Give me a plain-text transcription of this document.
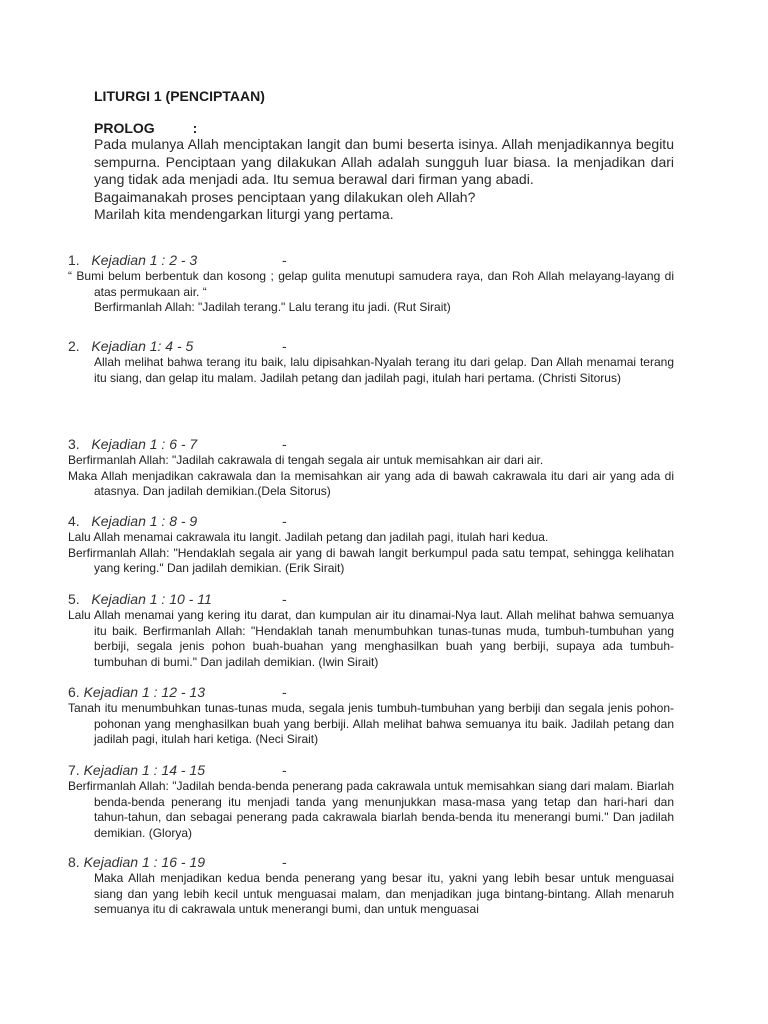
LITURGI 1 (PENCIPTAAN)
PROLOG	:

Pada mulanya Allah menciptakan langit dan bumi beserta isinya. Allah menjadikannya begitu sempurna. Penciptaan yang dilakukan Allah adalah sungguh luar biasa. Ia menjadikan dari yang tidak ada menjadi ada. Itu semua berawal dari firman yang abadi.

Bagaimanakah proses penciptaan yang dilakukan oleh Allah?

Marilah kita mendengarkan liturgi yang pertama.

1. Kejadian 1 : 2 - 3	-

“ Bumi belum berbentuk dan kosong ; gelap gulita menutupi samudera raya, dan Roh Allah melayang-layang di atas permukaan air. “

Berfirmanlah Allah: "Jadilah terang." Lalu terang itu jadi. (Rut Sirait)

2. Kejadian 1: 4 - 5	-

Allah melihat bahwa terang itu baik, lalu dipisahkan-Nyalah terang itu dari gelap. Dan Allah menamai terang itu siang, dan gelap itu malam. Jadilah petang dan jadilah pagi, itulah hari pertama. (Christi Sitorus)

3. Kejadian 1 : 6 - 7	-

Berfirmanlah Allah: "Jadilah cakrawala di tengah segala air untuk memisahkan air dari air.

Maka Allah menjadikan cakrawala dan Ia memisahkan air yang ada di bawah cakrawala itu dari air yang ada di atasnya. Dan jadilah demikian.(Dela Sitorus)

4. Kejadian 1 : 8 - 9	-

Lalu Allah menamai cakrawala itu langit. Jadilah petang dan jadilah pagi, itulah hari kedua.

Berfirmanlah Allah: "Hendaklah segala air yang di bawah langit berkumpul pada satu tempat, sehingga kelihatan yang kering." Dan jadilah demikian. (Erik Sirait)

5. Kejadian 1 : 10 - 11	-

Lalu Allah menamai yang kering itu darat, dan kumpulan air itu dinamai-Nya laut. Allah melihat bahwa semuanya itu baik. Berfirmanlah Allah: "Hendaklah tanah menumbuhkan tunas-tunas muda, tumbuh-tumbuhan yang berbiji, segala jenis pohon buah-buahan yang menghasilkan buah yang berbiji, supaya ada tumbuh-tumbuhan di bumi." Dan jadilah demikian. (Iwin Sirait)

6. Kejadian 1 : 12 - 13	-

Tanah itu menumbuhkan tunas-tunas muda, segala jenis tumbuh-tumbuhan yang berbiji dan segala jenis pohon-pohonan yang menghasilkan buah yang berbiji. Allah melihat bahwa semuanya itu baik. Jadilah petang dan jadilah pagi, itulah hari ketiga. (Neci Sirait)

7. Kejadian 1 : 14 - 15	-

Berfirmanlah Allah: "Jadilah benda-benda penerang pada cakrawala untuk memisahkan siang dari malam. Biarlah benda-benda penerang itu menjadi tanda yang menunjukkan masa-masa yang tetap dan hari-hari dan tahun-tahun, dan sebagai penerang pada cakrawala biarlah benda-benda itu menerangi bumi." Dan jadilah demikian. (Glorya)

8. Kejadian 1 : 16 - 19	-

Maka Allah menjadikan kedua benda penerang yang besar itu, yakni yang lebih besar untuk menguasai siang dan yang lebih kecil untuk menguasai malam, dan menjadikan juga bintang-bintang. Allah menaruh semuanya itu di cakrawala untuk menerangi bumi, dan untuk menguasai
